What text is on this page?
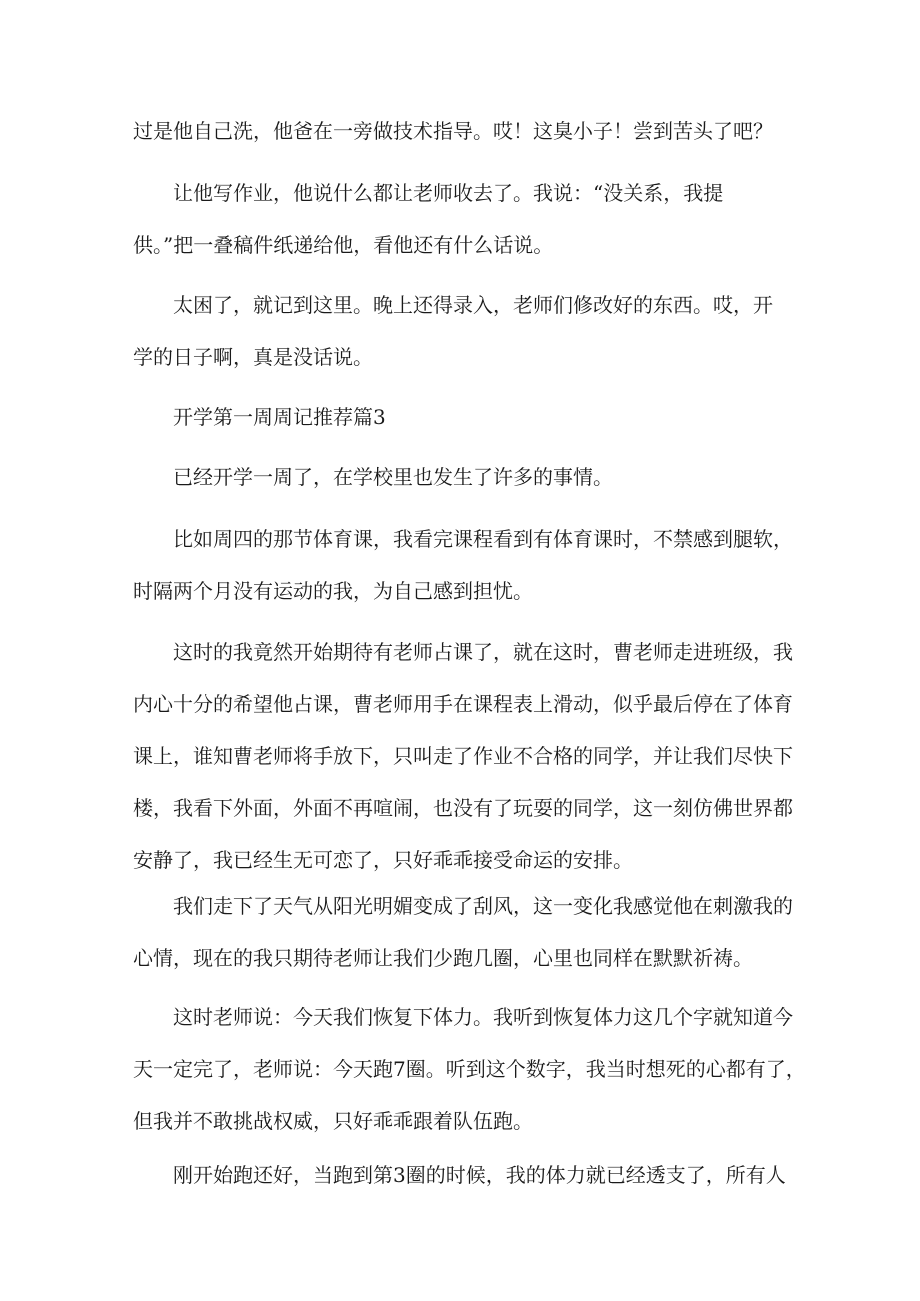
过是他自己洗，他爸在一旁做技术指导。哎！这臭小子！尝到苦头了吧？
　　让他写作业，他说什么都让老师收去了。我说：“没关系，我提
供。”把一叠稿件纸递给他，看他还有什么话说。
　　太困了，就记到这里。晚上还得录入，老师们修改好的东西。哎，开
学的日子啊，真是没话说。
　　开学第一周周记推荐篇3
　　已经开学一周了，在学校里也发生了许多的事情。
　　比如周四的那节体育课，我看完课程看到有体育课时，不禁感到腿软，
时隔两个月没有运动的我，为自己感到担忧。
　　这时的我竟然开始期待有老师占课了，就在这时，曹老师走进班级，我
内心十分的希望他占课，曹老师用手在课程表上滑动，似乎最后停在了体育
课上，谁知曹老师将手放下，只叫走了作业不合格的同学，并让我们尽快下
楼，我看下外面，外面不再喧闹，也没有了玩耍的同学，这一刻仿佛世界都
安静了，我已经生无可恋了，只好乖乖接受命运的安排。
　　我们走下了天气从阳光明媚变成了刮风，这一变化我感觉他在刺激我的
心情，现在的我只期待老师让我们少跑几圈，心里也同样在默默祈祷。
　　这时老师说：今天我们恢复下体力。我听到恢复体力这几个字就知道今
天一定完了，老师说：今天跑7圈。听到这个数字，我当时想死的心都有了，
但我并不敢挑战权威，只好乖乖跟着队伍跑。
　　刚开始跑还好，当跑到第3圈的时候，我的体力就已经透支了，所有人
